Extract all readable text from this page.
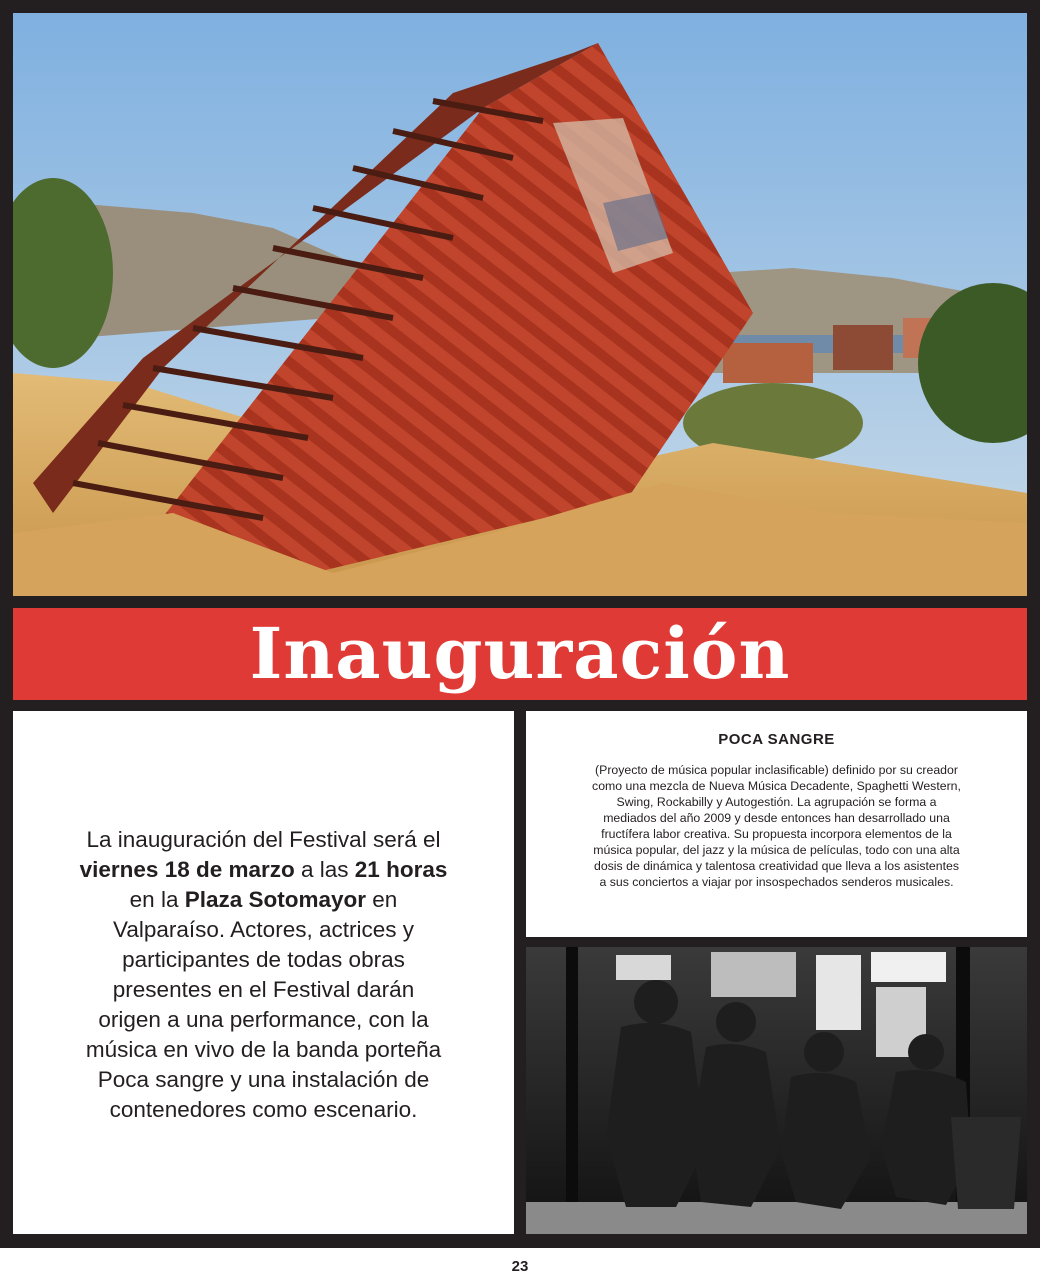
Inauguración

La inauguración del Festival será el viernes 18 de marzo a las 21 horas en la Plaza Sotomayor en Valparaíso. Actores, actrices y participantes de todas obras presentes en el Festival darán origen a una performance, con la música en vivo de la banda porteña Poca sangre y una instalación de contenedores como escenario.

POCA SANGRE

(Proyecto de música popular inclasificable) definido por su creador como una mezcla de Nueva Música Decadente, Spaghetti Western, Swing, Rockabilly y Autogestión. La agrupación se forma a mediados del año 2009 y desde entonces han desarrollado una fructífera labor creativa. Su propuesta incorpora elementos de la música popular, del jazz y la música de películas, todo con una alta dosis de dinámica y talentosa creatividad que lleva a los asistentes a sus conciertos a viajar por insospechados senderos musicales.

23
